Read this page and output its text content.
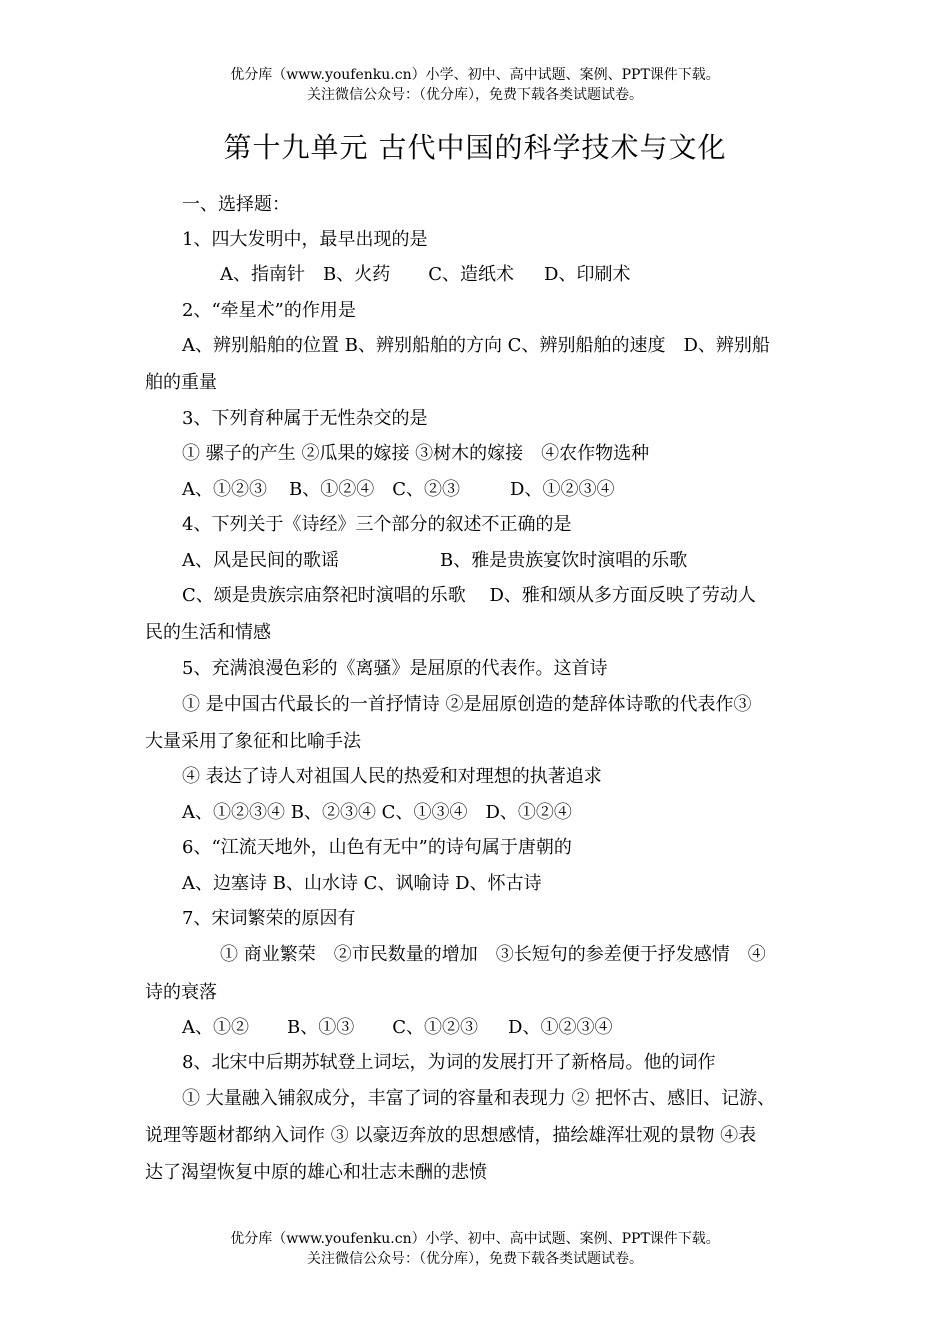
优分库（www.youfenku.cn）小学、初中、高中试题、案例、PPT课件下载。
关注微信公众号：（优分库），免费下载各类试题试卷。
第十九单元 古代中国的科学技术与文化
一、选择题：
1、四大发明中，最早出现的是
A、指南针 B、火药 C、造纸术 D、印刷术
2、“牵星术”的作用是
A、辨别船舶的位置 B、辨别船舶的方向 C、辨别船舶的速度　D、辨别船
舶的重量
3、下列育种属于无性杂交的是
① 骡子的产生 ②瓜果的嫁接 ③树木的嫁接　④农作物选种
A、①②③ B、①②④ C、②③	D、①②③④
4、下列关于《诗经》三个部分的叙述不正确的是
A、风是民间的歌谣	B、雅是贵族宴饮时演唱的乐歌
C、颂是贵族宗庙祭祀时演唱的乐歌　 D、雅和颂从多方面反映了劳动人
民的生活和情感
5、充满浪漫色彩的《离骚》是屈原的代表作。这首诗
① 是中国古代最长的一首抒情诗 ②是屈原创造的楚辞体诗歌的代表作③
大量采用了象征和比喻手法
④ 表达了诗人对祖国人民的热爱和对理想的执著追求
A、①②③④ B、②③④ C、①③④　D、①②④
6、“江流天地外，山色有无中”的诗句属于唐朝的
A、边塞诗 B、山水诗 C、讽喻诗 D、怀古诗
7、宋词繁荣的原因有
① 商业繁荣　②市民数量的增加　③长短句的参差便于抒发感情　④
诗的衰落
A、①② B、①③ C、①②③ D、①②③④
8、北宋中后期苏轼登上词坛，为词的发展打开了新格局。他的词作
① 大量融入铺叙成分，丰富了词的容量和表现力 ② 把怀古、感旧、记游、
说理等题材都纳入词作 ③ 以豪迈奔放的思想感情，描绘雄浑壮观的景物 ④表
达了渴望恢复中原的雄心和壮志未酬的悲愤
优分库（www.youfenku.cn）小学、初中、高中试题、案例、PPT课件下载。
关注微信公众号：（优分库），免费下载各类试题试卷。
